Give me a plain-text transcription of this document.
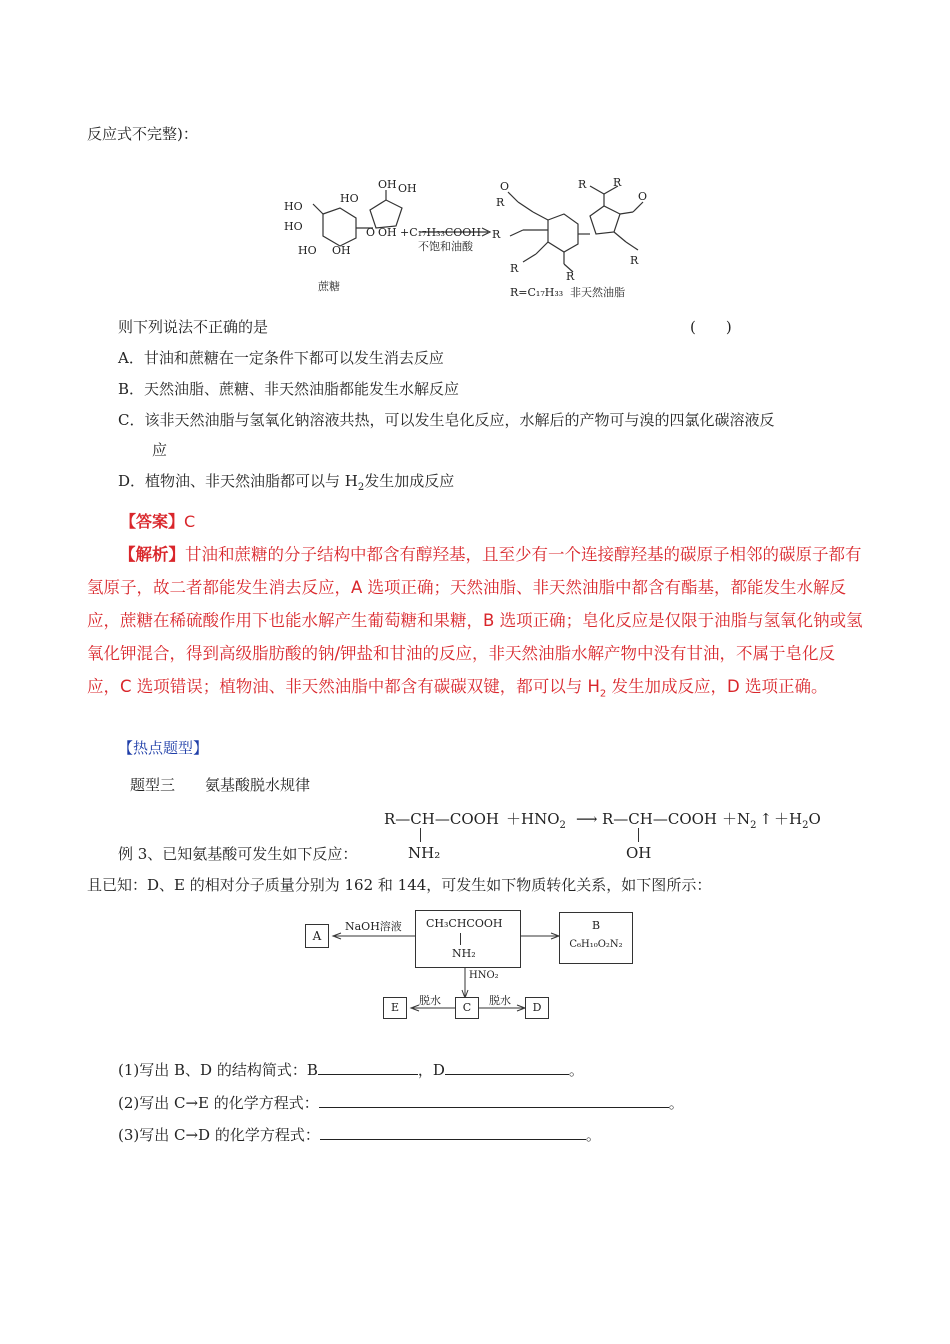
反应式不完整)：
HO
HO
HO OH
HO
OH OH
O OH +C₁₇H₃₃COOH
不饱和油酸
蔗糖
O
R
R
R
R
R R
O
R
R=C₁₇H₃₃ 非天然油脂
则下列说法不正确的是	(　　)
A．甘油和蔗糖在一定条件下都可以发生消去反应
B．天然油脂、蔗糖、非天然油脂都能发生水解反应
C．该非天然油脂与氢氧化钠溶液共热，可以发生皂化反应，水解后的产物可与溴的四氯化碳溶液反
应
D．植物油、非天然油脂都可以与 $H_2$发生加成反应
【答案】C
【解析】甘油和蔗糖的分子结构中都含有醇羟基，且至少有一个连接醇羟基的碳原子相邻的碳原子都有氢原子，故二者都能发生消去反应，A 选项正确；天然油脂、非天然油脂中都含有酯基，都能发生水解反应，蔗糖在稀硫酸作用下也能水解产生葡萄糖和果糖，B 选项正确；皂化反应是仅限于油脂与氢氧化钠或氢氧化钾混合，得到高级脂肪酸的钠/钾盐和甘油的反应，非天然油脂水解产物中没有甘油，不属于皂化反应，C 选项错误；植物油、非天然油脂中都含有碳碳双键，都可以与 $H_2$ 发生加成反应，D 选项正确。
【热点题型】
题型三　　氨基酸脱水规律
R—CH—COOH $+HNO_2$ ⟶ R—CH—COOH $+N_2$ ↑ $+H_2O$
NH₂	OH
例 3、已知氨基酸可发生如下反应：
且已知：D、E 的相对分子质量分别为 162 和 144，可发生如下物质转化关系，如下图所示：
A
NaOH溶液 CH₃CHCOOH
NH₂
B
C₆H₁₀O₂N₂
HNO₂
E
脱水
C
脱水
D
(1)写出 B、D 的结构简式：B	，D	。
(2)写出 C→E 的化学方程式：	。
(3)写出 C→D 的化学方程式：	。
